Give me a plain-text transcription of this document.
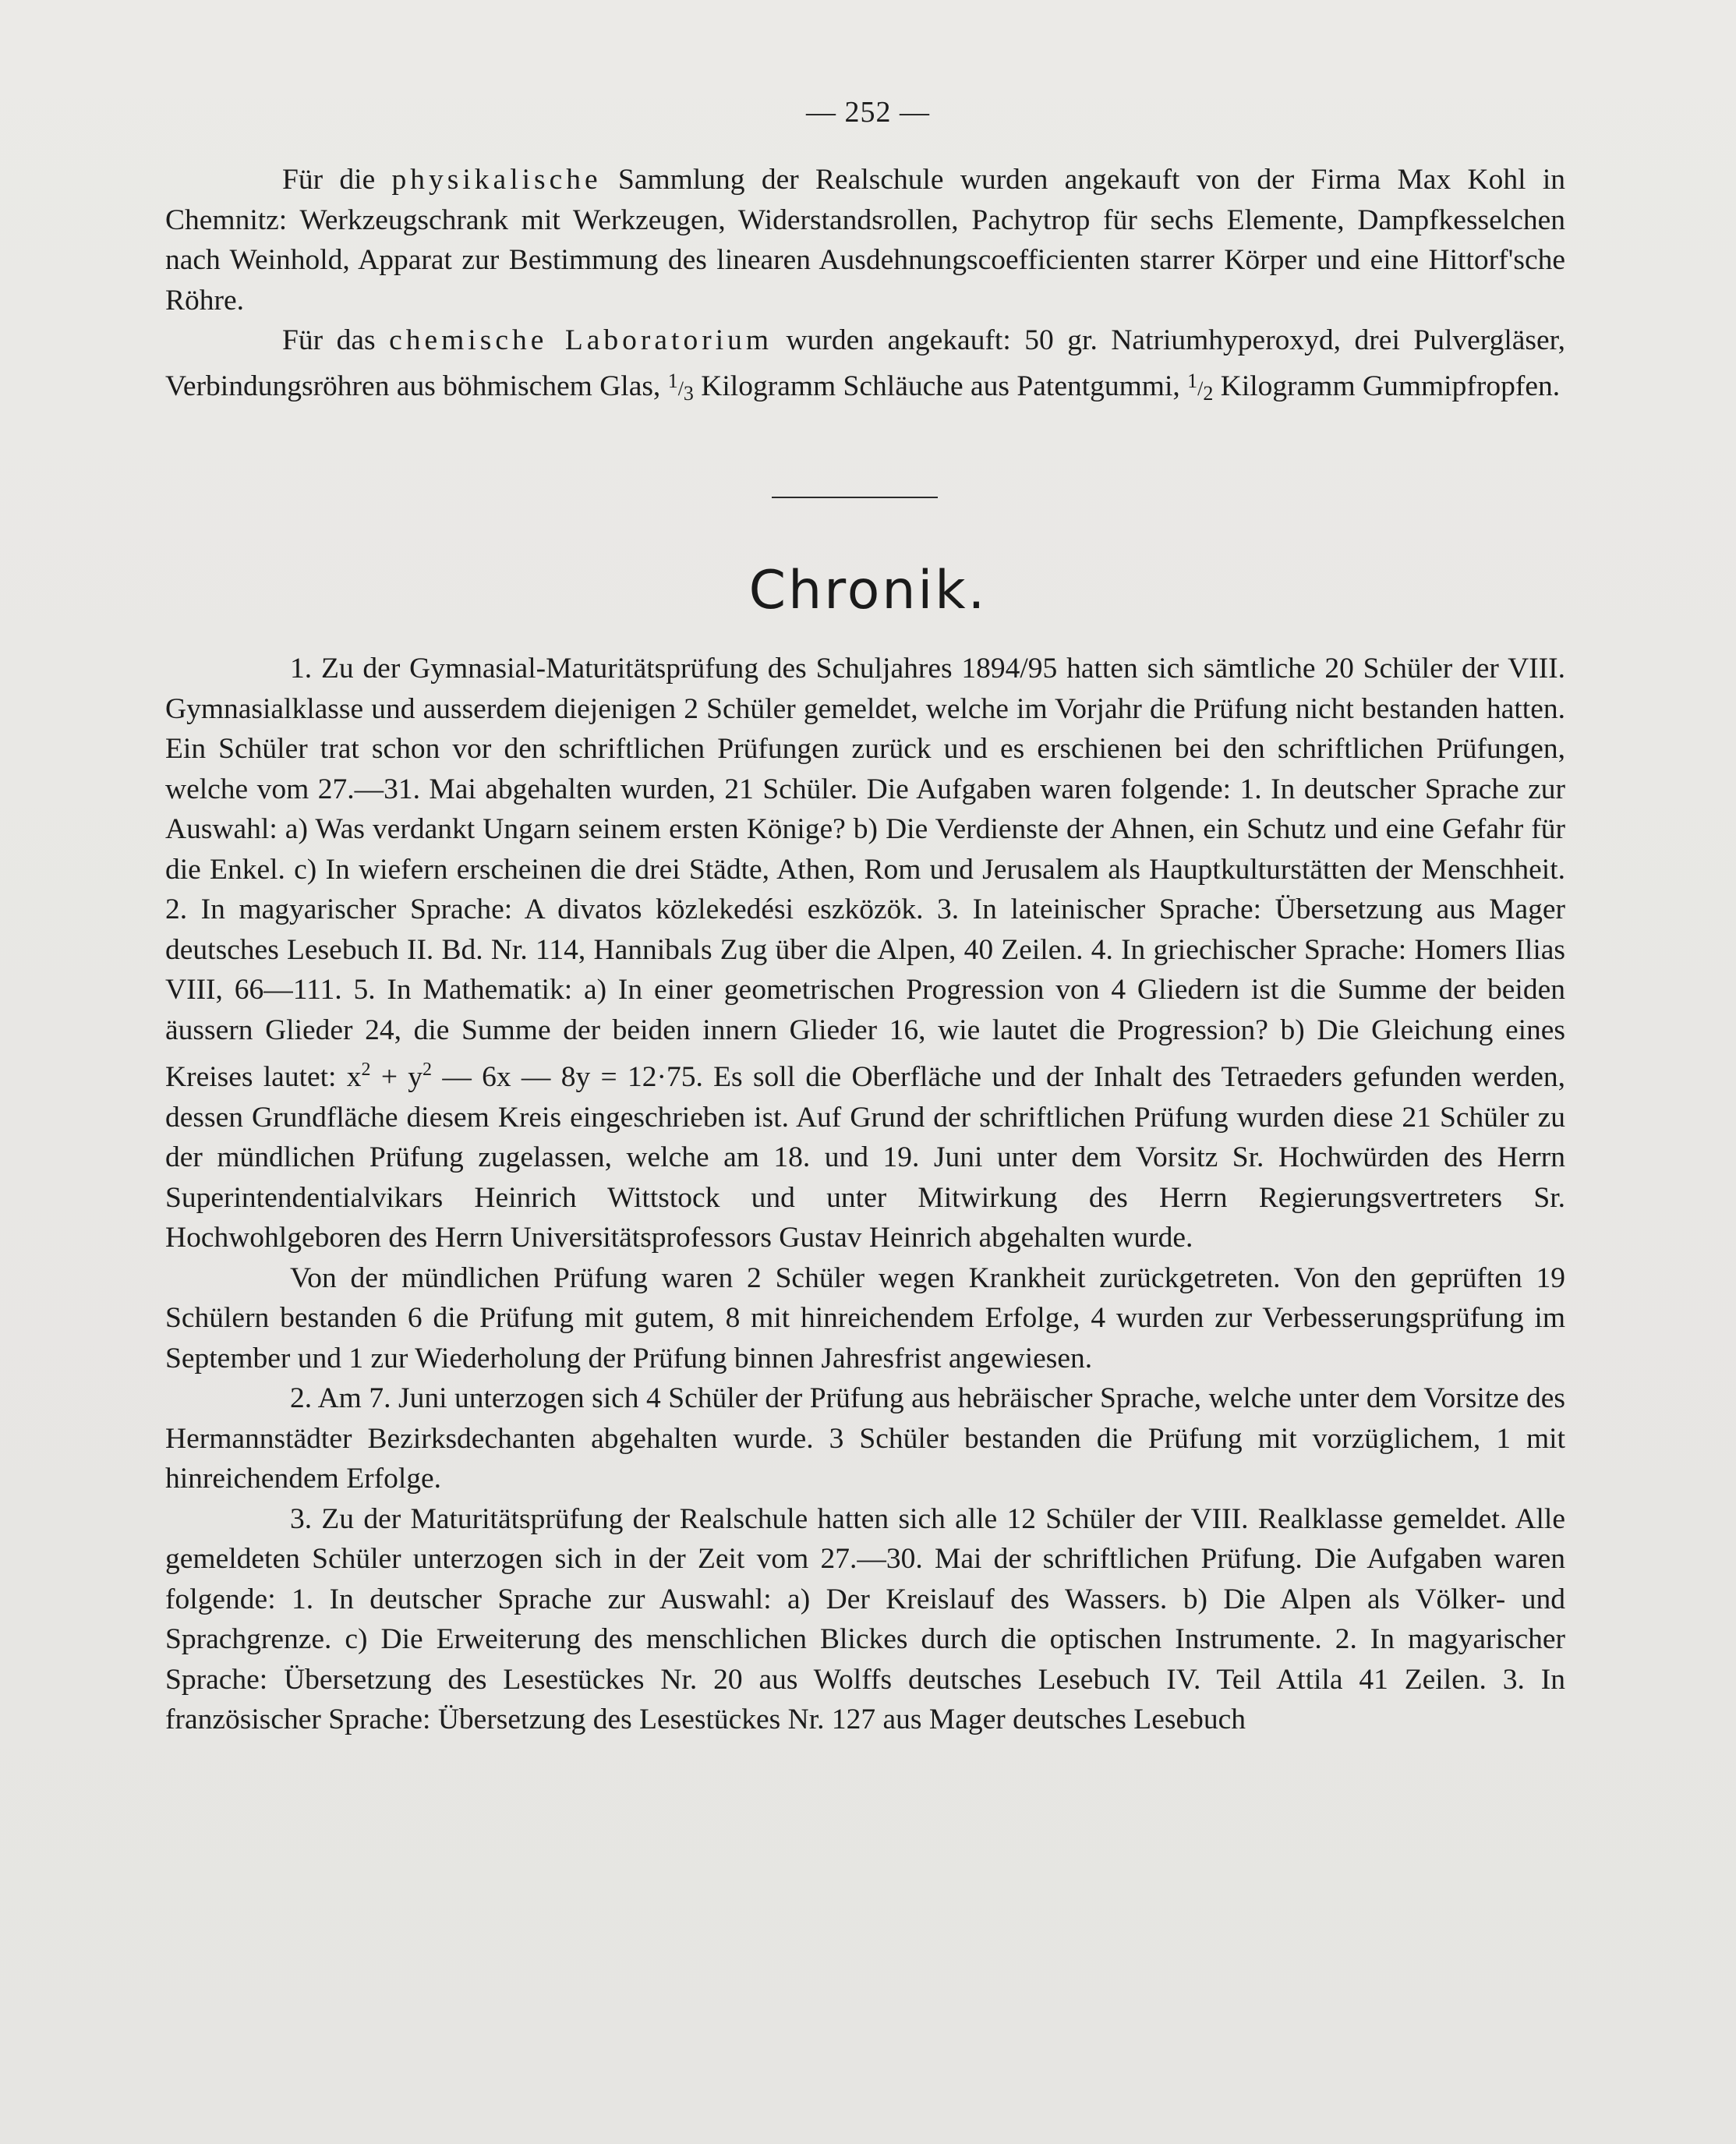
— 252 —

Für die physikalische Sammlung der Realschule wurden angekauft von der Firma Max Kohl in Chemnitz: Werkzeugschrank mit Werkzeugen, Widerstandsrollen, Pachytrop für sechs Elemente, Dampfkesselchen nach Weinhold, Apparat zur Bestimmung des linearen Ausdehnungscoefficienten starrer Körper und eine Hittorf'sche Röhre.

Für das chemische Laboratorium wurden angekauft: 50 gr. Natriumhyperoxyd, drei Pulvergläser, Verbindungsröhren aus böhmischem Glas, 1/3 Kilogramm Schläuche aus Patentgummi, 1/2 Kilogramm Gummipfropfen.

Chronik.

1. Zu der Gymnasial-Maturitätsprüfung des Schuljahres 1894/95 hatten sich sämtliche 20 Schüler der VIII. Gymnasialklasse und ausserdem diejenigen 2 Schüler gemeldet, welche im Vorjahr die Prüfung nicht bestanden hatten. Ein Schüler trat schon vor den schriftlichen Prüfungen zurück und es erschienen bei den schriftlichen Prüfungen, welche vom 27.—31. Mai abgehalten wurden, 21 Schüler. Die Aufgaben waren folgende: 1. In deutscher Sprache zur Auswahl: a) Was verdankt Ungarn seinem ersten Könige? b) Die Verdienste der Ahnen, ein Schutz und eine Gefahr für die Enkel. c) In wiefern erscheinen die drei Städte, Athen, Rom und Jerusalem als Hauptkulturstätten der Menschheit. 2. In magyarischer Sprache: A divatos közlekedési eszközök. 3. In lateinischer Sprache: Übersetzung aus Mager deutsches Lesebuch II. Bd. Nr. 114, Hannibals Zug über die Alpen, 40 Zeilen. 4. In griechischer Sprache: Homers Ilias VIII, 66—111. 5. In Mathematik: a) In einer geometrischen Progression von 4 Gliedern ist die Summe der beiden äussern Glieder 24, die Summe der beiden innern Glieder 16, wie lautet die Progression? b) Die Gleichung eines Kreises lautet: $x^2 + y^2$ — 6x — 8y = 12·75. Es soll die Oberfläche und der Inhalt des Tetraeders gefunden werden, dessen Grundfläche diesem Kreis eingeschrieben ist. Auf Grund der schriftlichen Prüfung wurden diese 21 Schüler zu der mündlichen Prüfung zugelassen, welche am 18. und 19. Juni unter dem Vorsitz Sr. Hochwürden des Herrn Superintendentialvikars Heinrich Wittstock und unter Mitwirkung des Herrn Regierungsvertreters Sr. Hochwohlgeboren des Herrn Universitätsprofessors Gustav Heinrich abgehalten wurde.

Von der mündlichen Prüfung waren 2 Schüler wegen Krankheit zurückgetreten. Von den geprüften 19 Schülern bestanden 6 die Prüfung mit gutem, 8 mit hinreichendem Erfolge, 4 wurden zur Verbesserungsprüfung im September und 1 zur Wiederholung der Prüfung binnen Jahresfrist angewiesen.

2. Am 7. Juni unterzogen sich 4 Schüler der Prüfung aus hebräischer Sprache, welche unter dem Vorsitze des Hermannstädter Bezirksdechanten abgehalten wurde. 3 Schüler bestanden die Prüfung mit vorzüglichem, 1 mit hinreichendem Erfolge.

3. Zu der Maturitätsprüfung der Realschule hatten sich alle 12 Schüler der VIII. Realklasse gemeldet. Alle gemeldeten Schüler unterzogen sich in der Zeit vom 27.—30. Mai der schriftlichen Prüfung. Die Aufgaben waren folgende: 1. In deutscher Sprache zur Auswahl: a) Der Kreislauf des Wassers. b) Die Alpen als Völker- und Sprachgrenze. c) Die Erweiterung des menschlichen Blickes durch die optischen Instrumente. 2. In magyarischer Sprache: Übersetzung des Lesestückes Nr. 20 aus Wolffs deutsches Lesebuch IV. Teil Attila 41 Zeilen. 3. In französischer Sprache: Übersetzung des Lesestückes Nr. 127 aus Mager deutsches Lesebuch
